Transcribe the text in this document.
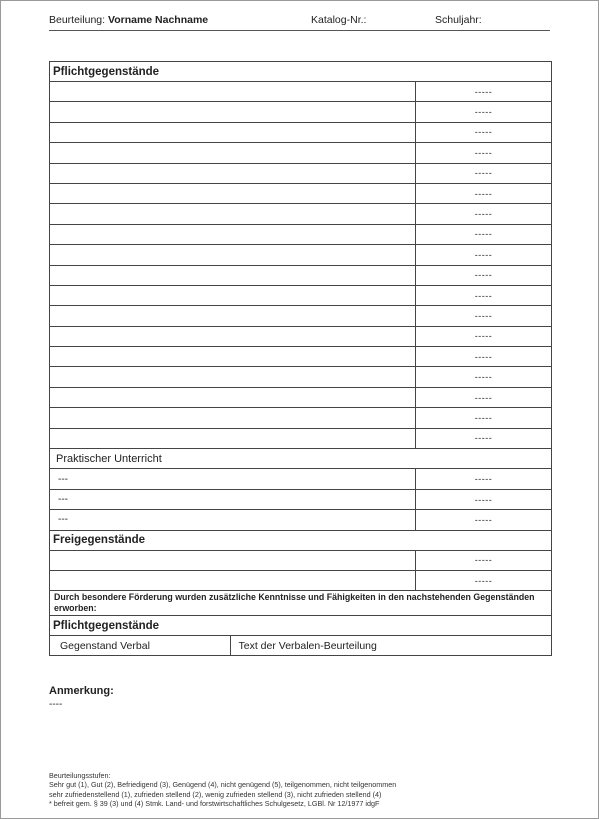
Beurteilung: Vorname Nachname	Katalog-Nr.:	Schuljahr:
Pflichtgegenstände
	-----
	-----
	-----
	-----
	-----
	-----
	-----
	-----
	-----
	-----
	-----
	-----
	-----
	-----
	-----
	-----
	-----
	-----
Praktischer Unterricht
---	-----
---	-----
---	-----
Freigegenstände
	-----
	-----
Durch besondere Förderung wurden zusätzliche Kenntnisse und Fähigkeiten in den nachstehenden Gegenständen erworben:
Pflichtgegenstände

Gegenstand Verbal	Text der Verbalen-Beurteilung
Anmerkung:
----
Beurteilungsstufen:
Sehr gut (1), Gut (2), Befriedigend (3), Genügend (4), nicht genügend (5), teilgenommen, nicht teilgenommen
sehr zufriedenstellend (1), zufrieden stellend (2), wenig zufrieden stellend (3), nicht zufrieden stellend (4)
* befreit gem. § 39 (3) und (4) Stmk. Land- und forstwirtschaftliches Schulgesetz, LGBl. Nr 12/1977 idgF
